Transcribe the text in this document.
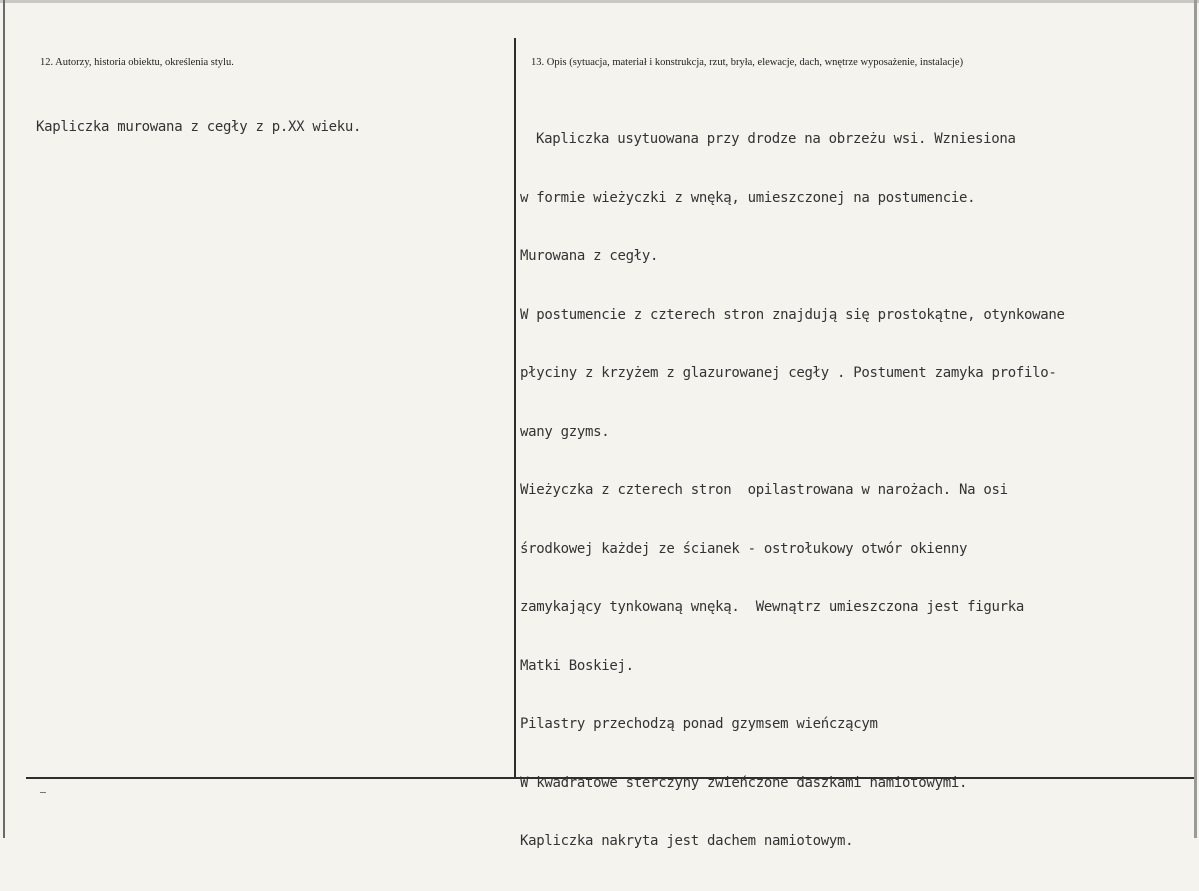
12. Autorzy, historia obiektu, określenia stylu.
Kapliczka murowana z cegły z p.XX wieku.
13. Opis (sytuacja, materiał i konstrukcja, rzut, bryła, elewacje, dach, wnętrze wyposażenie, instalacje)

Kapliczka usytuowana przy drodze na obrzeżu wsi. Wzniesiona

w formie wieżyczki z wnęką, umieszczonej na postumencie.

Murowana z cegły.

W postumencie z czterech stron znajdują się prostokątne, otynkowane

płyciny z krzyżem z glazurowanej cegły . Postument zamyka profilo-

wany gzyms.

Wieżyczka z czterech stron  opilastrowana w narożach. Na osi

środkowej każdej ze ścianek - ostrołukowy otwór okienny

zamykający tynkowaną wnęką.  Wewnątrz umieszczona jest figurka

Matki Boskiej.

Pilastry przechodzą ponad gzymsem wieńczącym

W kwadratowe sterczyny zwieńczone daszkami namiotowymi.

Kapliczka nakryta jest dachem namiotowym.
